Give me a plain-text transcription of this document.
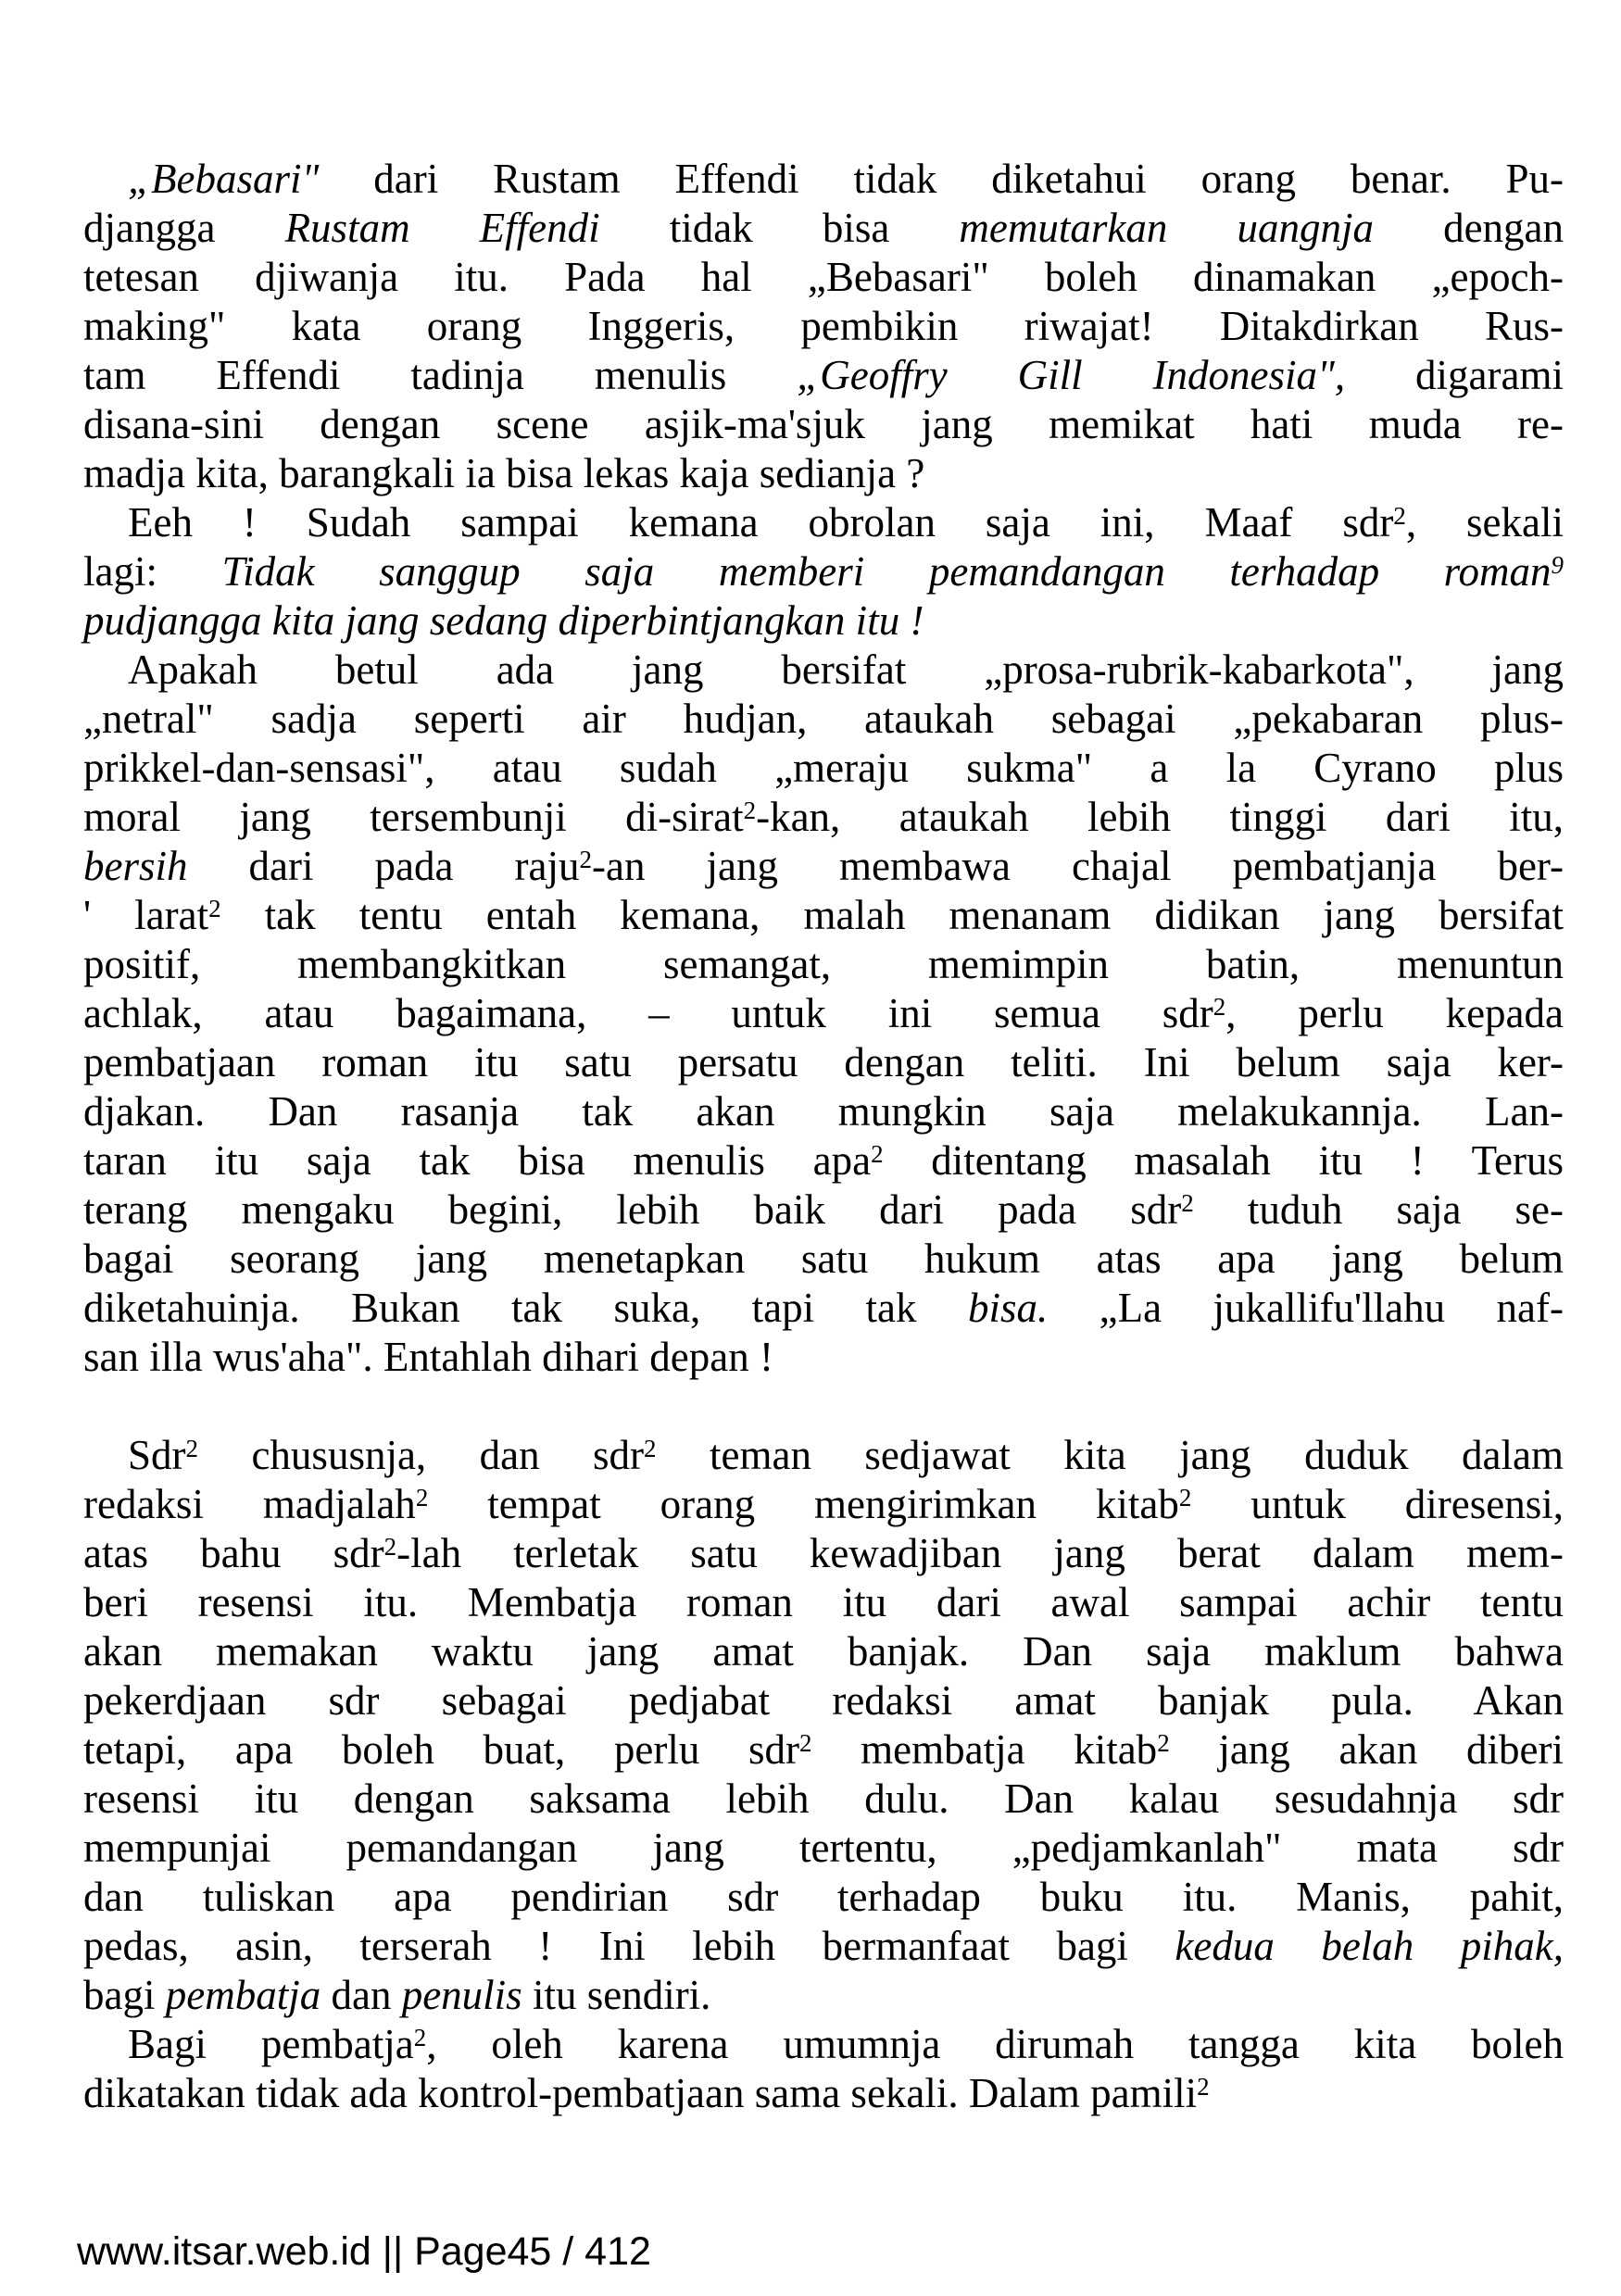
„Bebasari" dari Rustam Effendi tidak diketahui orang benar. Pu-
djangga Rustam Effendi tidak bisa memutarkan uangnja dengan
tetesan djiwanja itu. Pada hal „Bebasari" boleh dinamakan „epoch-
making" kata orang Inggeris, pembikin riwajat! Ditakdirkan Rus-
tam Effendi tadinja menulis „Geoffry Gill Indonesia", digarami
disana-sini dengan scene asjik-ma'sjuk jang memikat hati muda re-
madja kita, barangkali ia bisa lekas kaja sedianja ?
Eeh ! Sudah sampai kemana obrolan saja ini, Maaf sdr$^2$, sekali
lagi: Tidak sanggup saja memberi pemandangan terhadap roman$^9$
pudjangga kita jang sedang diperbintjangkan itu !
Apakah betul ada jang bersifat „prosa-rubrik-kabarkota", jang
„netral" sadja seperti air hudjan, ataukah sebagai „pekabaran plus-
prikkel-dan-sensasi", atau sudah „meraju sukma" a la Cyrano plus
moral jang tersembunji di-sirat$^2$-kan, ataukah lebih tinggi dari itu,
bersih dari pada raju$^2$-an jang membawa chajal pembatjanja ber-
' larat$^2$ tak tentu entah kemana, malah menanam didikan jang bersifat
positif, membangkitkan semangat, memimpin batin, menuntun
achlak, atau bagaimana, – untuk ini semua sdr$^2$, perlu kepada
pembatjaan roman itu satu persatu dengan teliti. Ini belum saja ker-
djakan. Dan rasanja tak akan mungkin saja melakukannja. Lan-
taran itu saja tak bisa menulis apa$^2$ ditentang masalah itu ! Terus
terang mengaku begini, lebih baik dari pada sdr$^2$ tuduh saja se-
bagai seorang jang menetapkan satu hukum atas apa jang belum
diketahuinja. Bukan tak suka, tapi tak bisa. „La jukallifu'llahu naf-
san illa wus'aha". Entahlah dihari depan !
Sdr$^2$ chususnja, dan sdr$^2$ teman sedjawat kita jang duduk dalam
redaksi madjalah$^2$ tempat orang mengirimkan kitab$^2$ untuk diresensi,
atas bahu sdr$^2$-lah terletak satu kewadjiban jang berat dalam mem-
beri resensi itu. Membatja roman itu dari awal sampai achir tentu
akan memakan waktu jang amat banjak. Dan saja maklum bahwa
pekerdjaan sdr sebagai pedjabat redaksi amat banjak pula. Akan
tetapi, apa boleh buat, perlu sdr$^2$ membatja kitab$^2$ jang akan diberi
resensi itu dengan saksama lebih dulu. Dan kalau sesudahnja sdr
mempunjai pemandangan jang tertentu, „pedjamkanlah" mata sdr
dan tuliskan apa pendirian sdr terhadap buku itu. Manis, pahit,
pedas, asin, terserah ! Ini lebih bermanfaat bagi kedua belah pihak,
bagi pembatja dan penulis itu sendiri.
Bagi pembatja$^2$, oleh karena umumnja dirumah tangga kita boleh
dikatakan tidak ada kontrol-pembatjaan sama sekali. Dalam pamili$^2$
www.itsar.web.id || Page45 / 412
